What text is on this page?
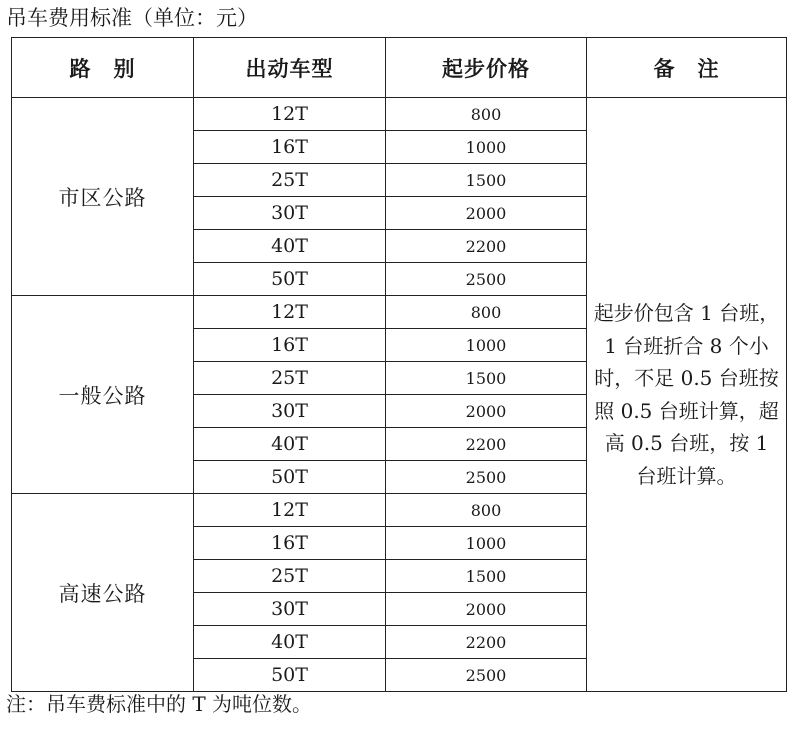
吊车费用标准（单位：元）
路　别	出动车型	起步价格	备　注
市区公路	12T	800	起步价包含 1 台班，1 台班折合 8 个小时，不足 0.5 台班按照 0.5 台班计算，超高 0.5 台班，按 1 台班计算。
	16T	1000	
	25T	1500	
	30T	2000	
	40T	2200	
	50T	2500	
一般公路	12T	800	
	16T	1000	
	25T	1500	
	30T	2000	
	40T	2200	
	50T	2500	
高速公路	12T	800	
	16T	1000	
	25T	1500	
	30T	2000	
	40T	2200	
	50T	2500	
注：吊车费标准中的 T 为吨位数。
